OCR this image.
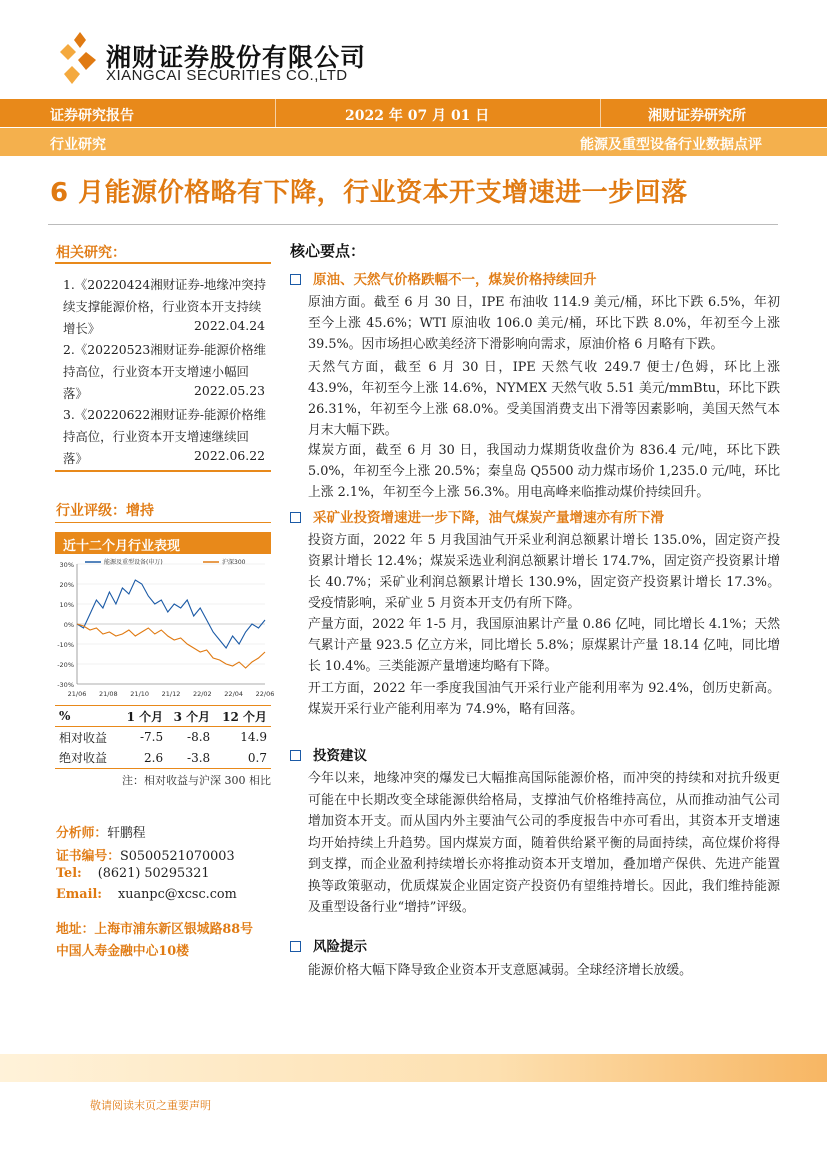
湘财证券股份有限公司
XIANGCAI SECURITIES CO.,LTD
证券研究报告	2022 年 07 月 01 日	湘财证券研究所
行业研究	能源及重型设备行业数据点评
6 月能源价格略有下降，行业资本开支增速进一步回落
相关研究：
1.《20220424湘财证券-地缘冲突持续支撑能源价格，行业资本开支持续增长》	2022.04.24
2.《20220523湘财证券-能源价格维持高位，行业资本开支增速小幅回落》	2022.05.23
3.《20220622湘财证券-能源价格维持高位，行业资本开支增速继续回落》	2022.06.22
行业评级：增持
近十二个月行业表现
30%
20%
10%
0%
-10%
-20%
-30%
21/06 21/08 21/10 21/12 22/02 22/04 22/06
能源及重型设备(申万)	沪深300
%	1 个月	3 个月	12 个月
相对收益	-7.5	-8.8	14.9
绝对收益	2.6	-3.8	0.7
注：相对收益与沪深 300 相比
分析师：轩鹏程
证书编号：S0500521070003
Tel: (8621) 50295321
Email: xuanpc@xcsc.com
地址：上海市浦东新区银城路88号
中国人寿金融中心10楼
核心要点：
原油、天然气价格跌幅不一，煤炭价格持续回升
原油方面。截至 6 月 30 日，IPE 布油收 114.9 美元/桶，环比下跌 6.5%，年初至今上涨 45.6%；WTI 原油收 106.0 美元/桶，环比下跌 8.0%，年初至今上涨 39.5%。因市场担心欧美经济下滑影响向需求，原油价格 6 月略有下跌。
天然气方面，截至 6 月 30 日，IPE 天然气收 249.7 便士/色姆，环比上涨 43.9%，年初至今上涨 14.6%，NYMEX 天然气收 5.51 美元/mmBtu，环比下跌 26.31%，年初至今上涨 68.0%。受美国消费支出下滑等因素影响，美国天然气本月末大幅下跌。
煤炭方面，截至 6 月 30 日，我国动力煤期货收盘价为 836.4 元/吨，环比下跌 5.0%，年初至今上涨 20.5%；秦皇岛 Q5500 动力煤市场价 1,235.0 元/吨，环比上涨 2.1%，年初至今上涨 56.3%。用电高峰来临推动煤价持续回升。
采矿业投资增速进一步下降，油气煤炭产量增速亦有所下滑
投资方面，2022 年 5 月我国油气开采业利润总额累计增长 135.0%，固定资产投资累计增长 12.4%；煤炭采选业利润总额累计增长 174.7%，固定资产投资累计增长 40.7%；采矿业利润总额累计增长 130.9%，固定资产投资累计增长 17.3%。受疫情影响，采矿业 5 月资本开支仍有所下降。
产量方面，2022 年 1-5 月，我国原油累计产量 0.86 亿吨，同比增长 4.1%；天然气累计产量 923.5 亿立方米，同比增长 5.8%；原煤累计产量 18.14 亿吨，同比增长 10.4%。三类能源产量增速均略有下降。
开工方面，2022 年一季度我国油气开采行业产能利用率为 92.4%，创历史新高。煤炭开采行业产能利用率为 74.9%，略有回落。
投资建议
今年以来，地缘冲突的爆发已大幅推高国际能源价格，而冲突的持续和对抗升级更可能在中长期改变全球能源供给格局，支撑油气价格维持高位，从而推动油气公司增加资本开支。而从国内外主要油气公司的季度报告中亦可看出，其资本开支增速均开始持续上升趋势。国内煤炭方面，随着供给紧平衡的局面持续，高位煤价将得到支撑，而企业盈利持续增长亦将推动资本开支增加，叠加增产保供、先进产能置换等政策驱动，优质煤炭企业固定资产投资仍有望维持增长。因此，我们维持能源及重型设备行业“增持”评级。
风险提示
能源价格大幅下降导致企业资本开支意愿减弱。全球经济增长放缓。
敬请阅读末页之重要声明
